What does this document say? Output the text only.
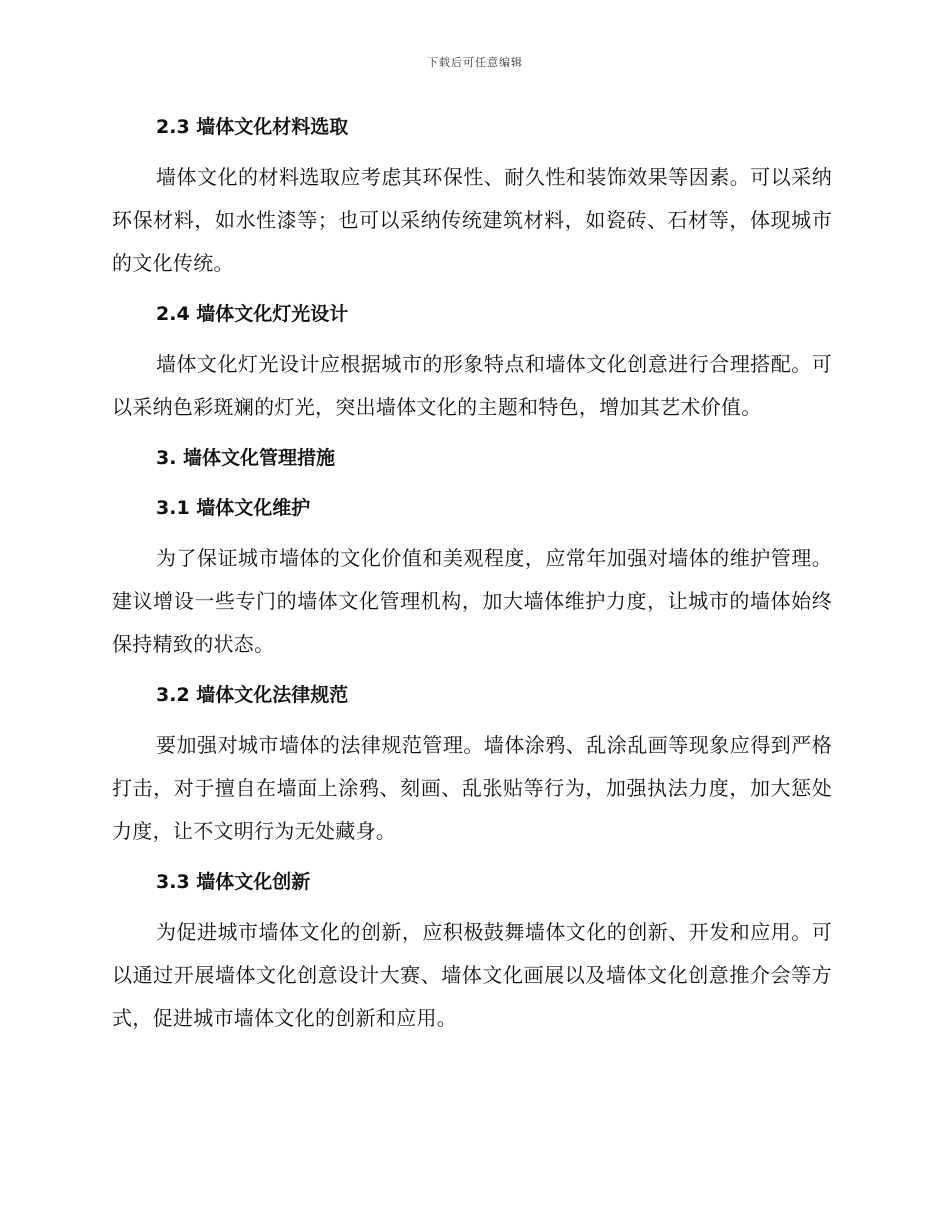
下载后可任意编辑
2.3 墙体文化材料选取

墙体文化的材料选取应考虑其环保性、耐久性和装饰效果等因素。可以采纳环保材料，如水性漆等；也可以采纳传统建筑材料，如瓷砖、石材等，体现城市的文化传统。

2.4 墙体文化灯光设计

墙体文化灯光设计应根据城市的形象特点和墙体文化创意进行合理搭配。可以采纳色彩斑斓的灯光，突出墙体文化的主题和特色，增加其艺术价值。

3. 墙体文化管理措施
3.1 墙体文化维护

为了保证城市墙体的文化价值和美观程度，应常年加强对墙体的维护管理。建议增设一些专门的墙体文化管理机构，加大墙体维护力度，让城市的墙体始终保持精致的状态。

3.2 墙体文化法律规范

要加强对城市墙体的法律规范管理。墙体涂鸦、乱涂乱画等现象应得到严格打击，对于擅自在墙面上涂鸦、刻画、乱张贴等行为，加强执法力度，加大惩处力度，让不文明行为无处藏身。

3.3 墙体文化创新

为促进城市墙体文化的创新，应积极鼓舞墙体文化的创新、开发和应用。可以通过开展墙体文化创意设计大赛、墙体文化画展以及墙体文化创意推介会等方式，促进城市墙体文化的创新和应用。
